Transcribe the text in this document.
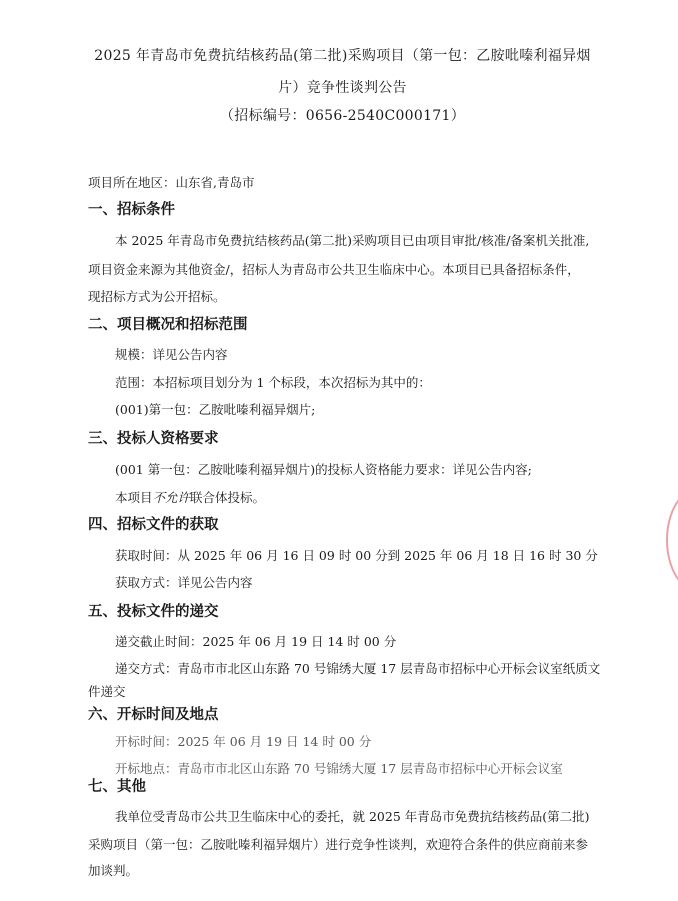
2025 年青岛市免费抗结核药品(第二批)采购项目（第一包：乙胺吡嗪利福异烟
片）竞争性谈判公告
（招标编号：0656-2540C000171）
项目所在地区：山东省,青岛市
一、招标条件
本 2025 年青岛市免费抗结核药品(第二批)采购项目已由项目审批/核准/备案机关批准,
项目资金来源为其他资金/，招标人为青岛市公共卫生临床中心。本项目已具备招标条件，
现招标方式为公开招标。
二、项目概况和招标范围
规模：详见公告内容
范围：本招标项目划分为 1 个标段，本次招标为其中的：
(001)第一包：乙胺吡嗪利福异烟片;
三、投标人资格要求
(001 第一包：乙胺吡嗪利福异烟片)的投标人资格能力要求：详见公告内容;
本项目不允许联合体投标。
四、招标文件的获取
获取时间：从 2025 年 06 月 16 日 09 时 00 分到 2025 年 06 月 18 日 16 时 30 分
获取方式：详见公告内容
五、投标文件的递交
递交截止时间：2025 年 06 月 19 日 14 时 00 分
递交方式：青岛市市北区山东路 70 号锦绣大厦 17 层青岛市招标中心开标会议室纸质文
件递交
六、开标时间及地点
开标时间：2025 年 06 月 19 日 14 时 00 分
开标地点：青岛市市北区山东路 70 号锦绣大厦 17 层青岛市招标中心开标会议室
七、其他
我单位受青岛市公共卫生临床中心的委托，就 2025 年青岛市免费抗结核药品(第二批)
采购项目（第一包：乙胺吡嗪利福异烟片）进行竞争性谈判，欢迎符合条件的供应商前来参
加谈判。
